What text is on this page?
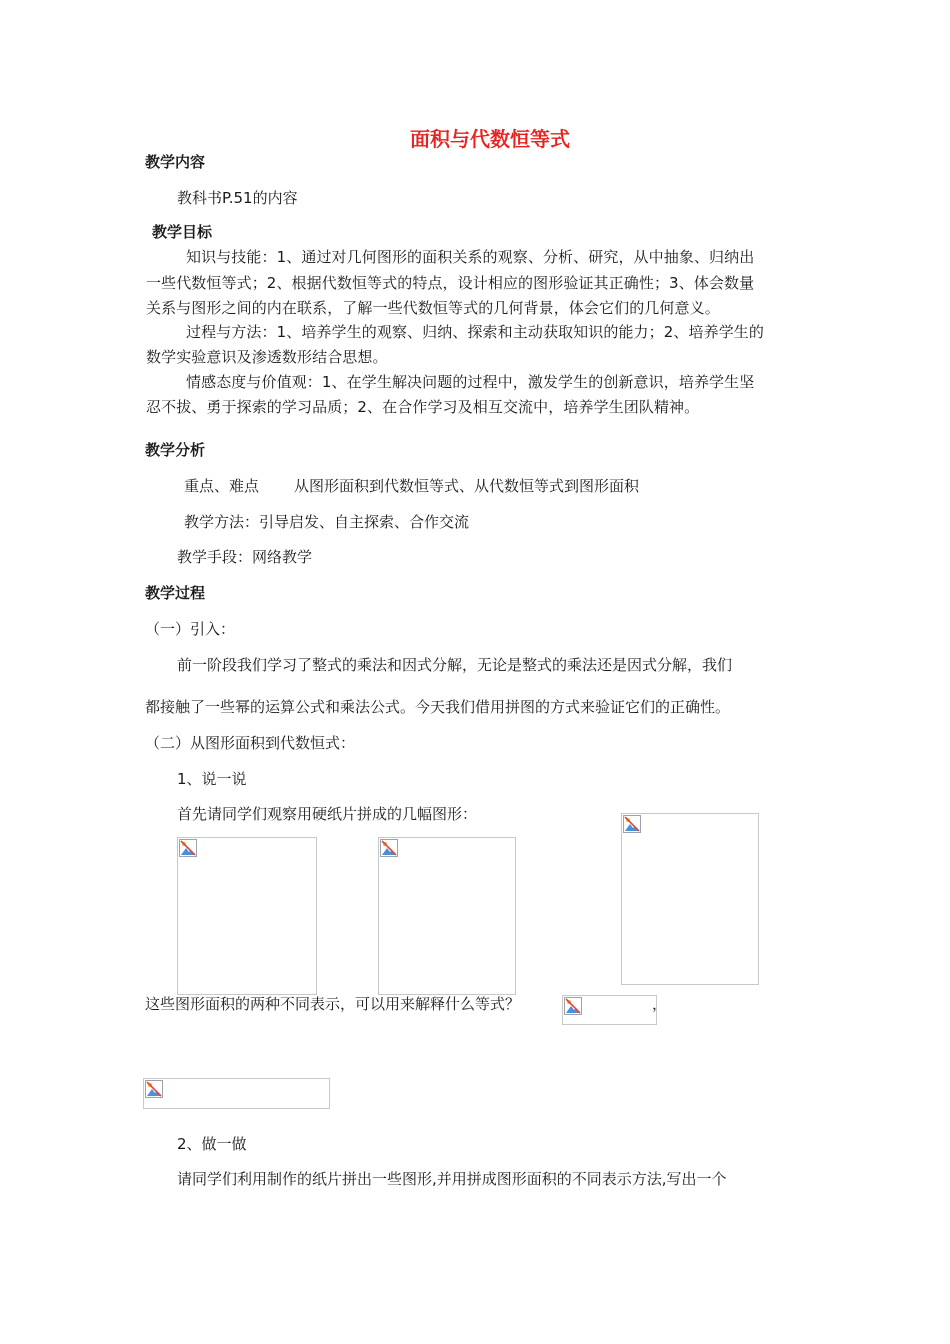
面积与代数恒等式
教学内容
教科书P.51的内容
教学目标
知识与技能：1、通过对几何图形的面积关系的观察、分析、研究，从中抽象、归纳出
一些代数恒等式；2、根据代数恒等式的特点，设计相应的图形验证其正确性；3、体会数量
关系与图形之间的内在联系，了解一些代数恒等式的几何背景，体会它们的几何意义。
过程与方法：1、培养学生的观察、归纳、探索和主动获取知识的能力；2、培养学生的
数学实验意识及渗透数形结合思想。
情感态度与价值观：1、在学生解决问题的过程中，激发学生的创新意识，培养学生坚
忍不拔、勇于探索的学习品质；2、在合作学习及相互交流中，培养学生团队精神。
教学分析
重点、难点 从图形面积到代数恒等式、从代数恒等式到图形面积
教学方法：引导启发、自主探索、合作交流
教学手段：网络教学
教学过程
（一）引入：
前一阶段我们学习了整式的乘法和因式分解，无论是整式的乘法还是因式分解，我们
都接触了一些幂的运算公式和乘法公式。今天我们借用拼图的方式来验证它们的正确性。
（二）从图形面积到代数恒式：
1、说一说
首先请同学们观察用硬纸片拼成的几幅图形：
这些图形面积的两种不同表示，可以用来解释什么等式？	，
2、做一做
请同学们利用制作的纸片拼出一些图形,并用拼成图形面积的不同表示方法,写出一个
